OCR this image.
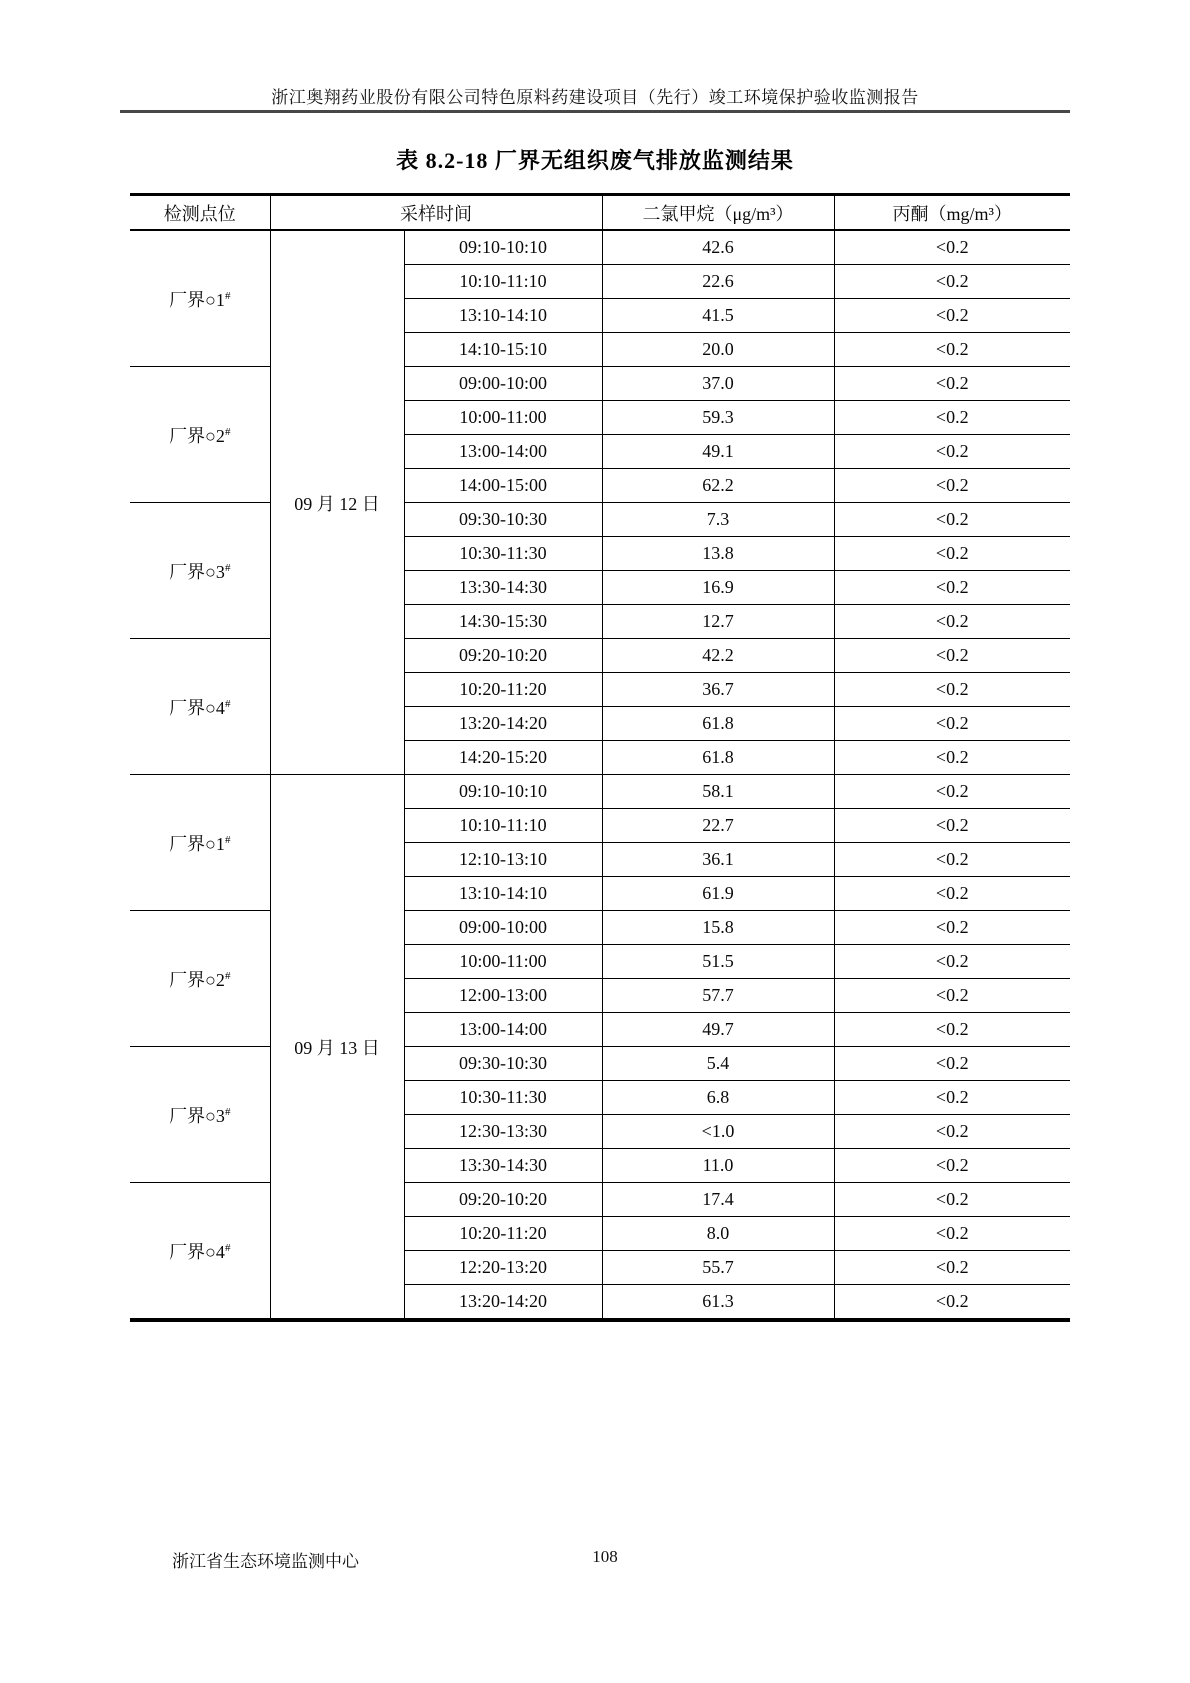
浙江奥翔药业股份有限公司特色原料药建设项目（先行）竣工环境保护验收监测报告
表 8.2-18 厂界无组织废气排放监测结果
检测点位	采样时间		二氯甲烷（μg/m³）	丙酮（mg/m³）
厂界○1#	09 月 12 日	09:10-10:10	42.6	<0.2
		10:10-11:10	22.6	<0.2
		13:10-14:10	41.5	<0.2
		14:10-15:10	20.0	<0.2
厂界○2#		09:00-10:00	37.0	<0.2
		10:00-11:00	59.3	<0.2
		13:00-14:00	49.1	<0.2
		14:00-15:00	62.2	<0.2
厂界○3#		09:30-10:30	7.3	<0.2
		10:30-11:30	13.8	<0.2
		13:30-14:30	16.9	<0.2
		14:30-15:30	12.7	<0.2
厂界○4#		09:20-10:20	42.2	<0.2
		10:20-11:20	36.7	<0.2
		13:20-14:20	61.8	<0.2
		14:20-15:20	61.8	<0.2
厂界○1#	09 月 13 日	09:10-10:10	58.1	<0.2
		10:10-11:10	22.7	<0.2
		12:10-13:10	36.1	<0.2
		13:10-14:10	61.9	<0.2
厂界○2#		09:00-10:00	15.8	<0.2
		10:00-11:00	51.5	<0.2
		12:00-13:00	57.7	<0.2
		13:00-14:00	49.7	<0.2
厂界○3#		09:30-10:30	5.4	<0.2
		10:30-11:30	6.8	<0.2
		12:30-13:30	<1.0	<0.2
		13:30-14:30	11.0	<0.2
厂界○4#		09:20-10:20	17.4	<0.2
		10:20-11:20	8.0	<0.2
		12:20-13:20	55.7	<0.2
		13:20-14:20	61.3	<0.2
浙江省生态环境监测中心	108
